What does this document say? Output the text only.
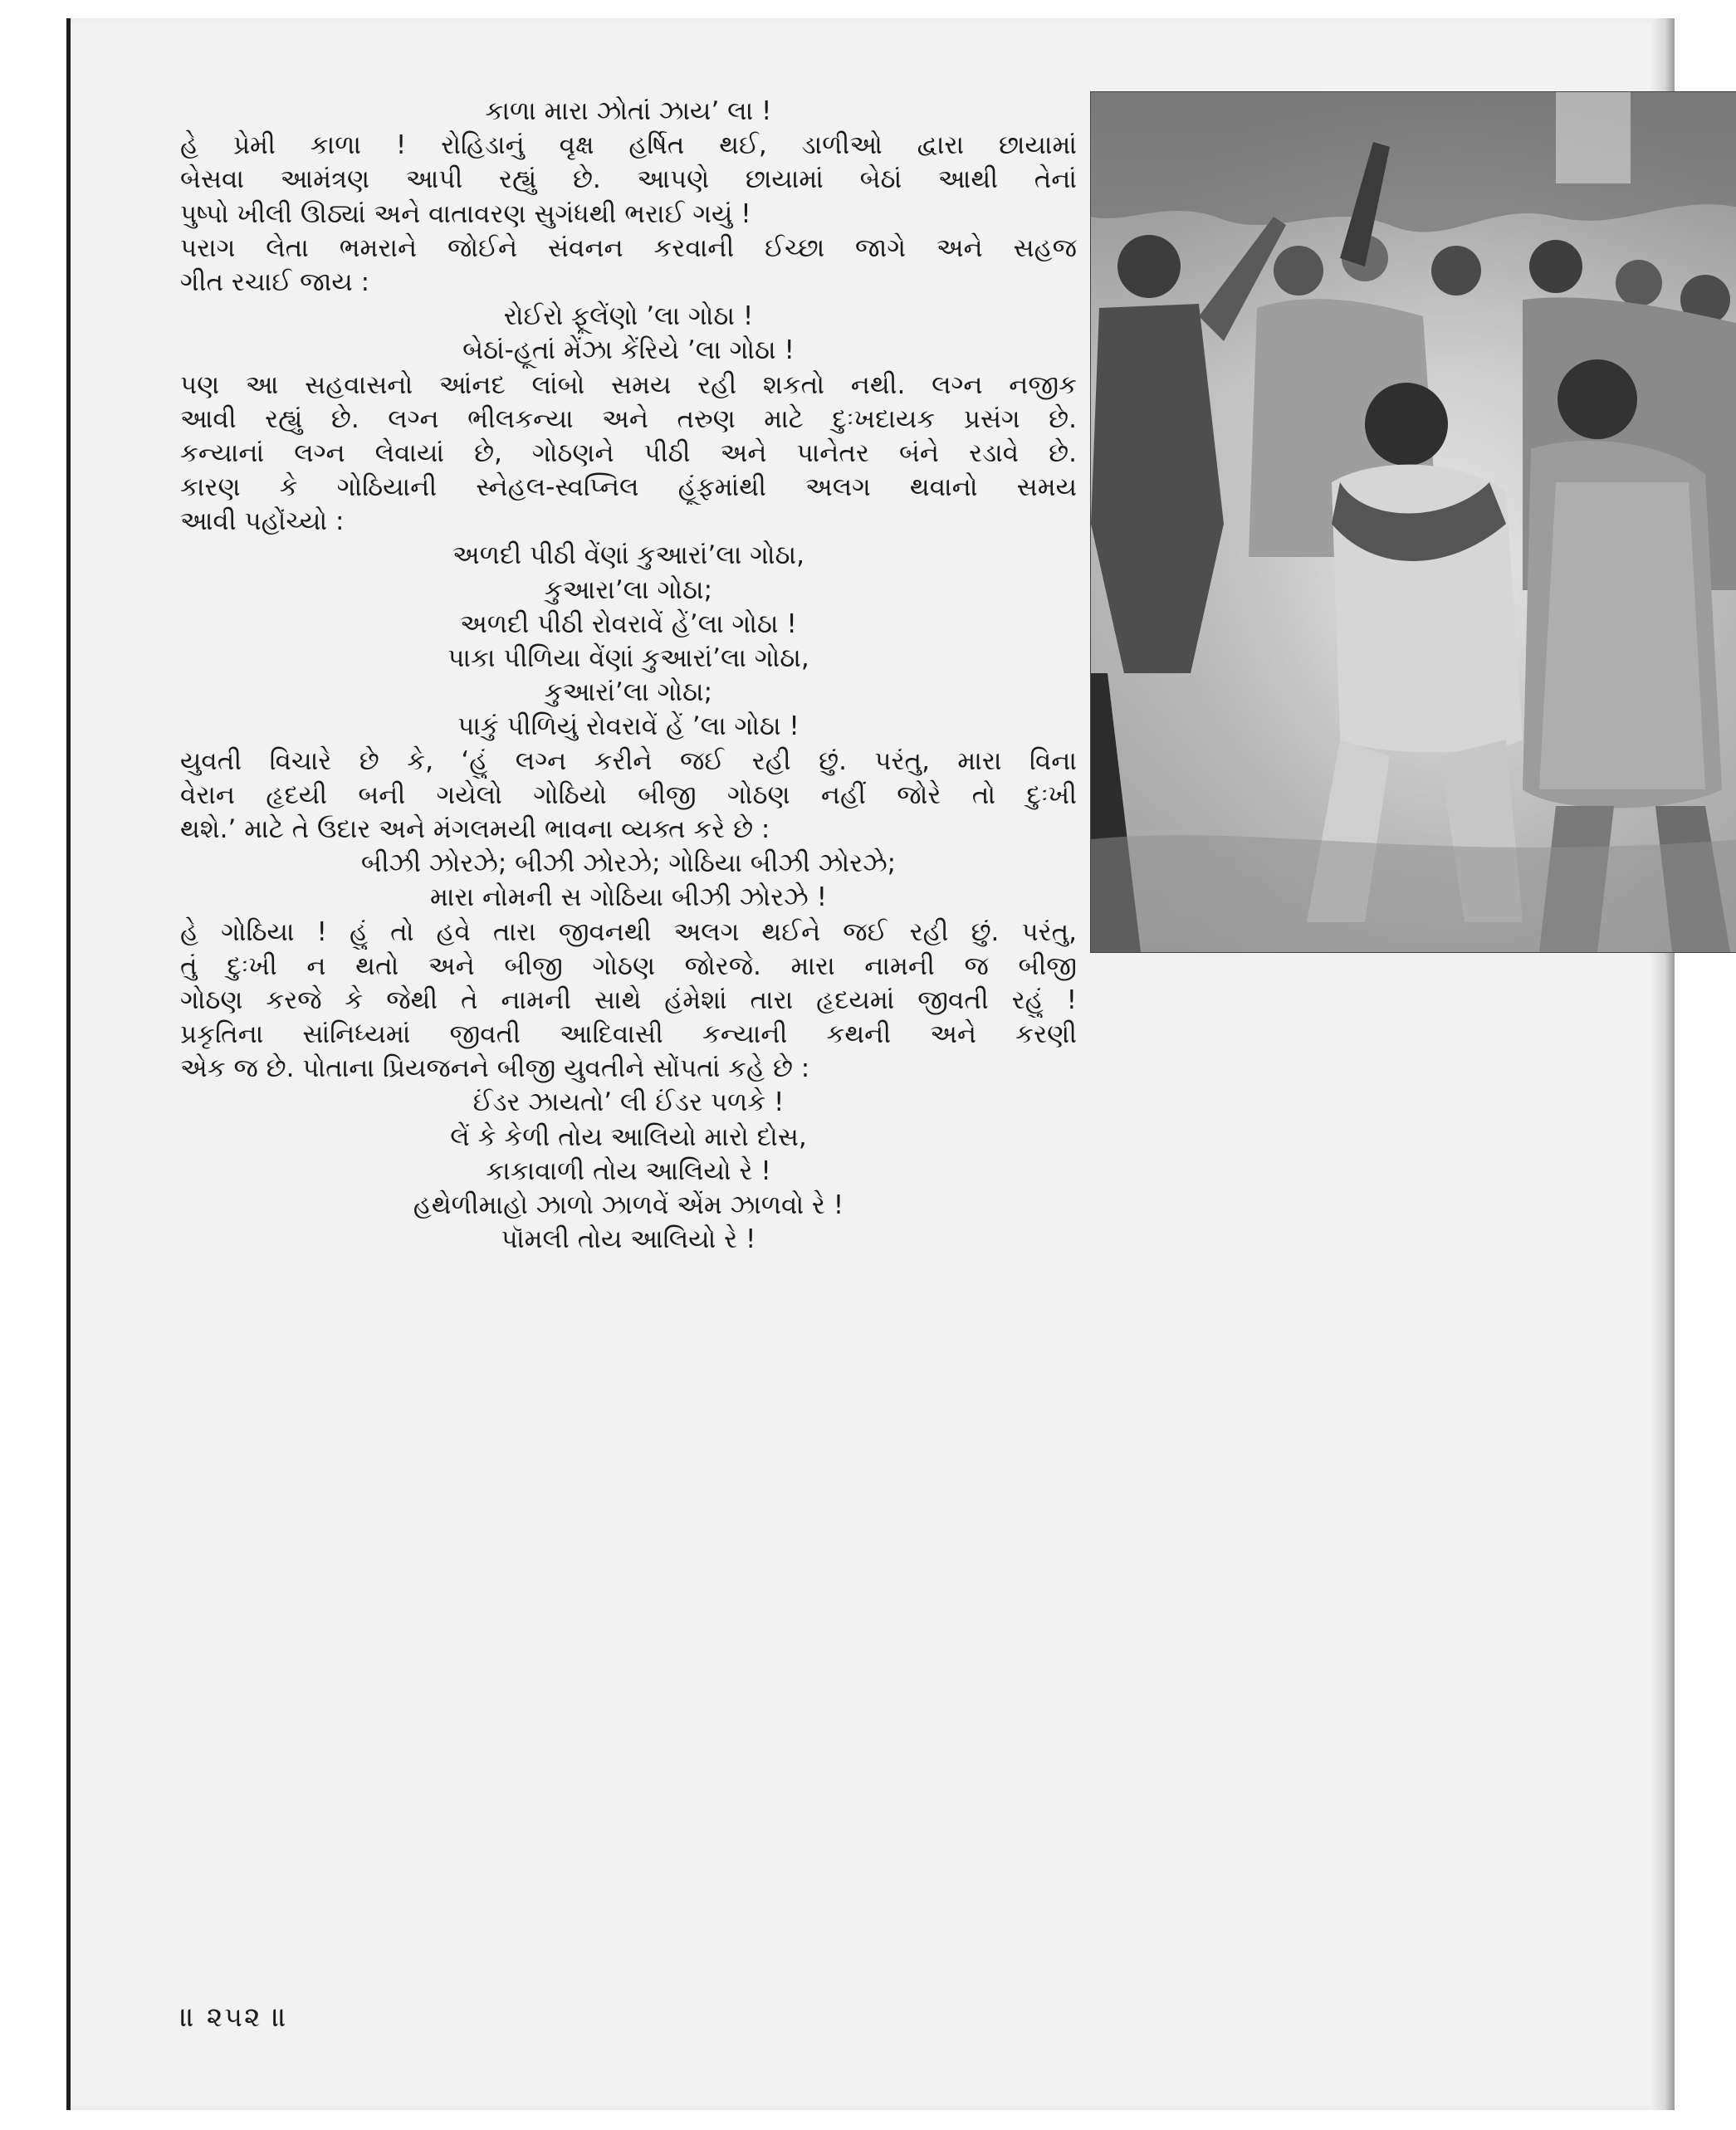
કાળા મારા ઝોતાં ઝાય’ લા !
હે પ્રેમી કાળા ! રોહિડાનું વૃક્ષ હર્ષિત થઈ, ડાળીઓ દ્વારા છાયામાં
બેસવા આમંત્રણ આપી રહ્યું છે. આપણે છાયામાં બેઠાં આથી તેનાં
પુષ્પો ખીલી ઊઠ્યાં અને વાતાવરણ સુગંધથી ભરાઈ ગયું !
પરાગ લેતા ભમરાને જોઈને સંવનન કરવાની ઈચ્છા જાગે અને સહજ
ગીત રચાઈ જાય :
રોઈરો ફૂલેંણો ’લા ગોઠા !
બેઠાં-હૂતાં મેંઝા કેંરિયે ’લા ગોઠા !
પણ આ સહવાસનો આંનદ લાંબો સમય રહી શકતો નથી. લગ્ન નજીક
આવી રહ્યું છે. લગ્ન ભીલકન્યા અને તરુણ માટે દુઃખદાયક પ્રસંગ છે.
કન્યાનાં લગ્ન લેવાયાં છે, ગોઠણને પીઠી અને પાનેતર બંને રડાવે છે.
કારણ કે ગોઠિયાની સ્નેહલ-સ્વપ્નિલ હૂંફમાંથી અલગ થવાનો સમય
આવી પહોંચ્યો :
અળદી પીઠી વેંણાં કુઆરાં’લા ગોઠા,
કુઆરા’લા ગોઠા;
અળદી પીઠી રોવરાવેં હેં’લા ગોઠા !
પાકા પીળિયા વેંણાં કુઆરાં’લા ગોઠા,
કુઆરાં’લા ગોઠા;
પાકું પીળિયું રોવરાવેં હેં ’લા ગોઠા !
યુવતી વિચારે છે કે, ‘હું લગ્ન કરીને જઈ રહી છું. પરંતુ, મારા વિના
વેરાન હૃદયી બની ગયેલો ગોઠિયો બીજી ગોઠણ નહીં જોરે તો દુઃખી
થશે.’ માટે તે ઉદાર અને મંગલમયી ભાવના વ્યક્ત કરે છે :
બીઝી ઝોરઝે; બીઝી ઝોરઝે; ગોઠિયા બીઝી ઝોરઝે;
મારા નોમની સ ગોઠિયા બીઝી ઝોરઝે !
હે ગોઠિયા ! હું તો હવે તારા જીવનથી અલગ થઈને જઈ રહી છું. પરંતુ,
તું દુઃખી ન થતો અને બીજી ગોઠણ જોરજે. મારા નામની જ બીજી
ગોઠણ કરજે કે જેથી તે નામની સાથે હંમેશાં તારા હૃદયમાં જીવતી રહું !
પ્રકૃતિના સાંનિધ્યમાં જીવતી આદિવાસી કન્યાની કથની અને કરણી
એક જ છે. પોતાના પ્રિયજનને બીજી યુવતીને સોંપતાં કહે છે :
ઈંડર ઝાયતો’ લી ઈંડર પળકે !
લેં કે કેળી તોય આલિયો મારો દોસ,
કાકાવાળી તોય આલિયો રે !
હથેળીમાહો ઝાળો ઝાળવેં એંમ ઝાળવો રે !
પૉમલી તોય આલિયો રે !
॥ ૨૫૨ ॥
